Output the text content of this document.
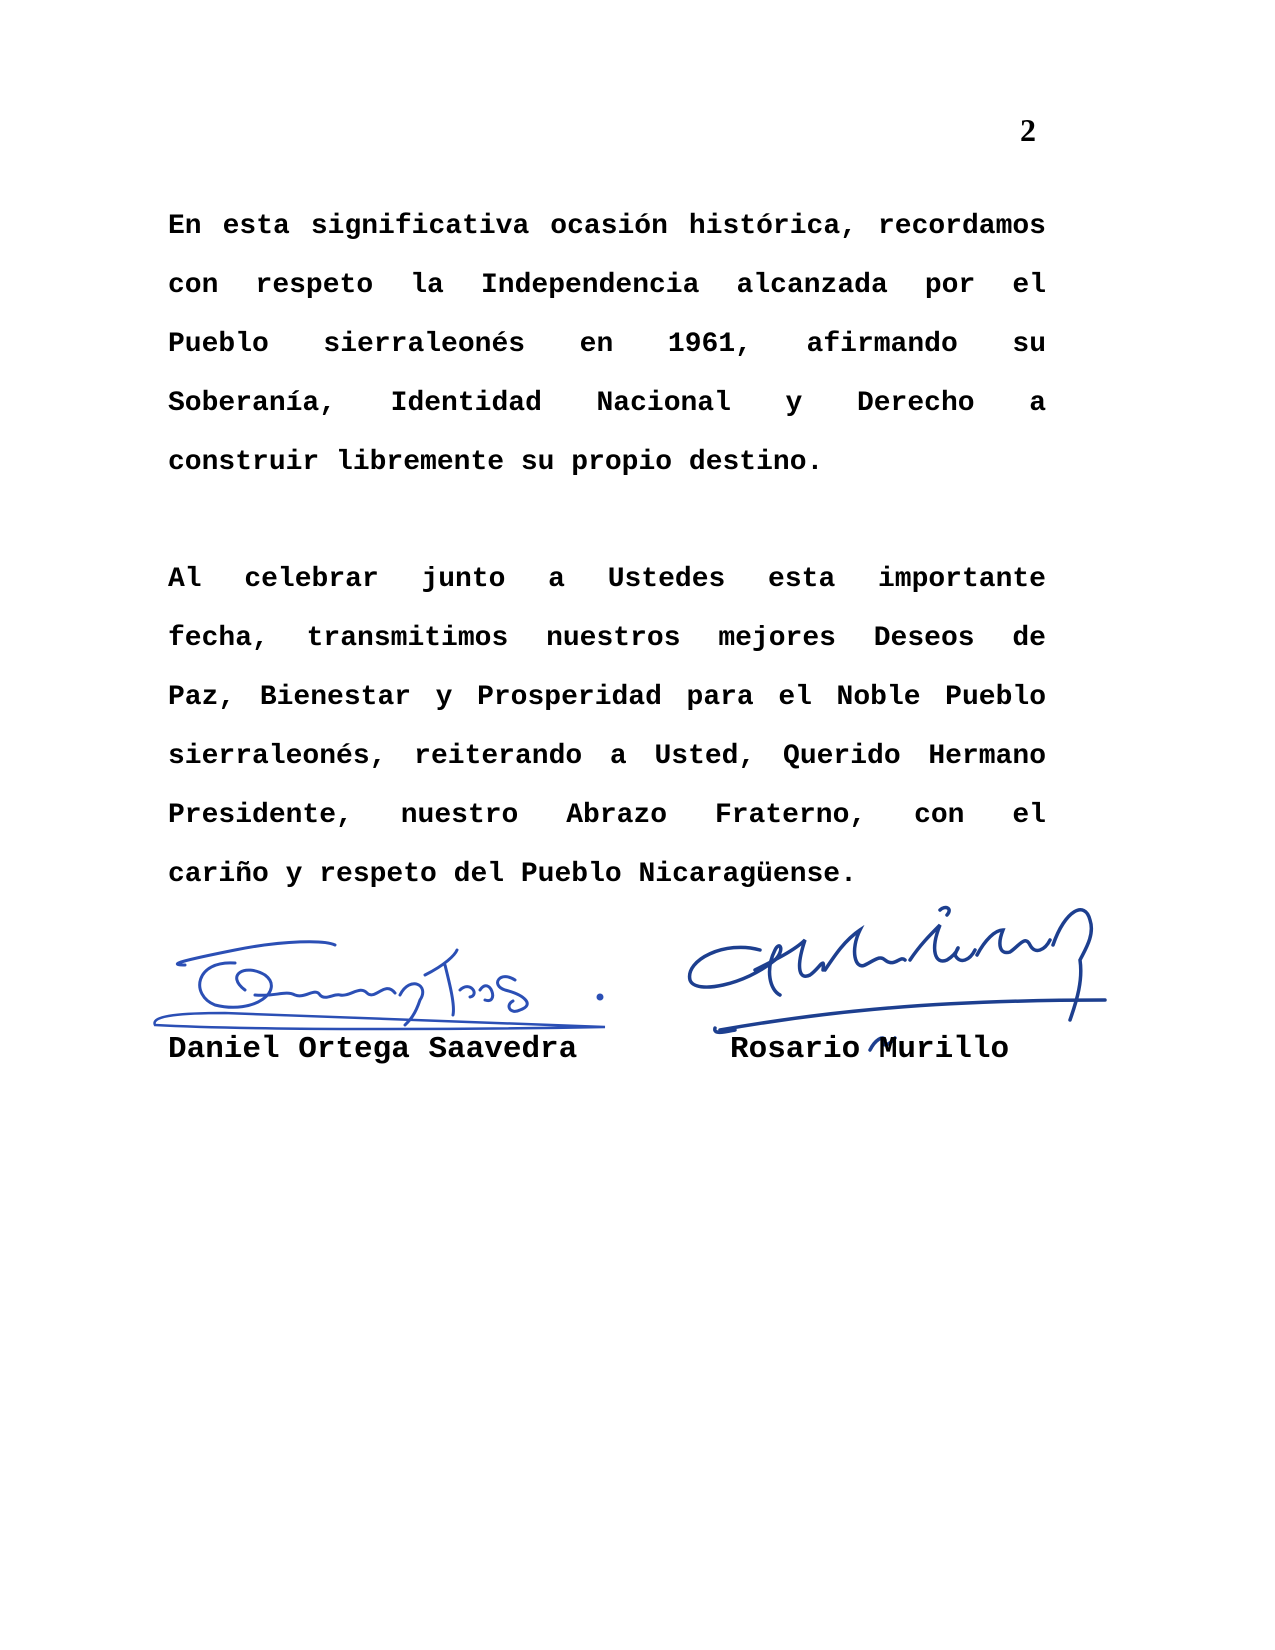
2
En esta significativa ocasión histórica, recordamos
con respeto la Independencia alcanzada por el
Pueblo sierraleonés en 1961, afirmando su
Soberanía, Identidad Nacional y Derecho a
construir libremente su propio destino.
Al celebrar junto a Ustedes esta importante
fecha, transmitimos nuestros mejores Deseos de
Paz, Bienestar y Prosperidad para el Noble Pueblo
sierraleonés, reiterando a Usted, Querido Hermano
Presidente, nuestro Abrazo Fraterno, con el
cariño y respeto del Pueblo Nicaragüense.
Daniel Ortega Saavedra	Rosario Murillo
